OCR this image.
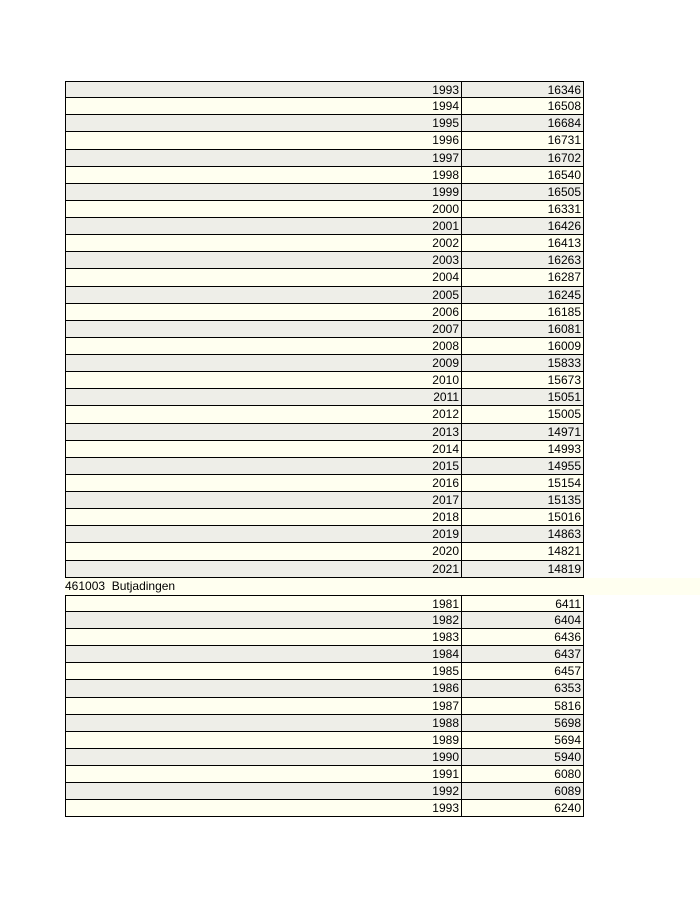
1993	16346
1994	16508
1995	16684
1996	16731
1997	16702
1998	16540
1999	16505
2000	16331
2001	16426
2002	16413
2003	16263
2004	16287
2005	16245
2006	16185
2007	16081
2008	16009
2009	15833
2010	15673
2011	15051
2012	15005
2013	14971
2014	14993
2015	14955
2016	15154
2017	15135
2018	15016
2019	14863
2020	14821
2021	14819
461003  Butjadingen
1981	6411
1982	6404
1983	6436
1984	6437
1985	6457
1986	6353
1987	5816
1988	5698
1989	5694
1990	5940
1991	6080
1992	6089
1993	6240
